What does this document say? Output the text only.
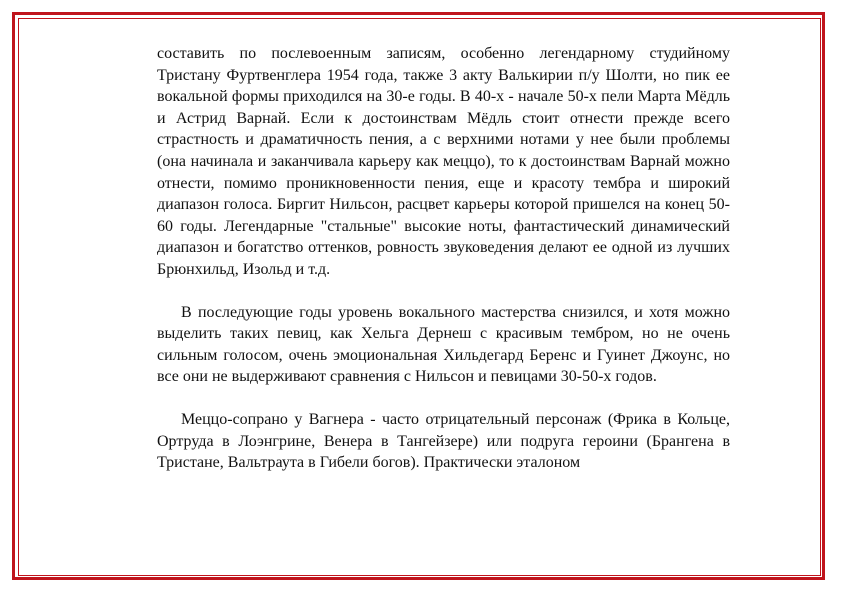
составить по послевоенным записям, особенно легендарному студийному Тристану Фуртвенглера 1954 года, также 3 акту Валькирии п/у Шолти, но пик ее вокальной формы приходился на 30-е годы. В 40-х - начале 50-х пели Марта Мёдль и Астрид Варнай. Если к достоинствам Мёдль стоит отнести прежде всего страстность и драматичность пения, а с верхними нотами у нее были проблемы (она начинала и заканчивала карьеру как меццо), то к достоинствам Варнай можно отнести, помимо проникновенности пения, еще и красоту тембра и широкий диапазон голоса. Биргит Нильсон, расцвет карьеры которой пришелся на конец 50-60 годы. Легендарные "стальные" высокие ноты, фантастический динамический диапазон и богатство оттенков, ровность звуковедения делают ее одной из лучших Брюнхильд, Изольд и т.д.

В последующие годы уровень вокального мастерства снизился, и хотя можно выделить таких певиц, как Хельга Дернеш с красивым тембром, но не очень сильным голосом, очень эмоциональная Хильдегард Беренс и Гуинет Джоунс, но все они не выдерживают сравнения с Нильсон и певицами 30-50-х годов.

Меццо-сопрано у Вагнера - часто отрицательный персонаж (Фрика в Кольце, Ортруда в Лоэнгрине, Венера в Тангейзере) или подруга героини (Брангена в Тристане, Вальтраута в Гибели богов). Практически эталоном
